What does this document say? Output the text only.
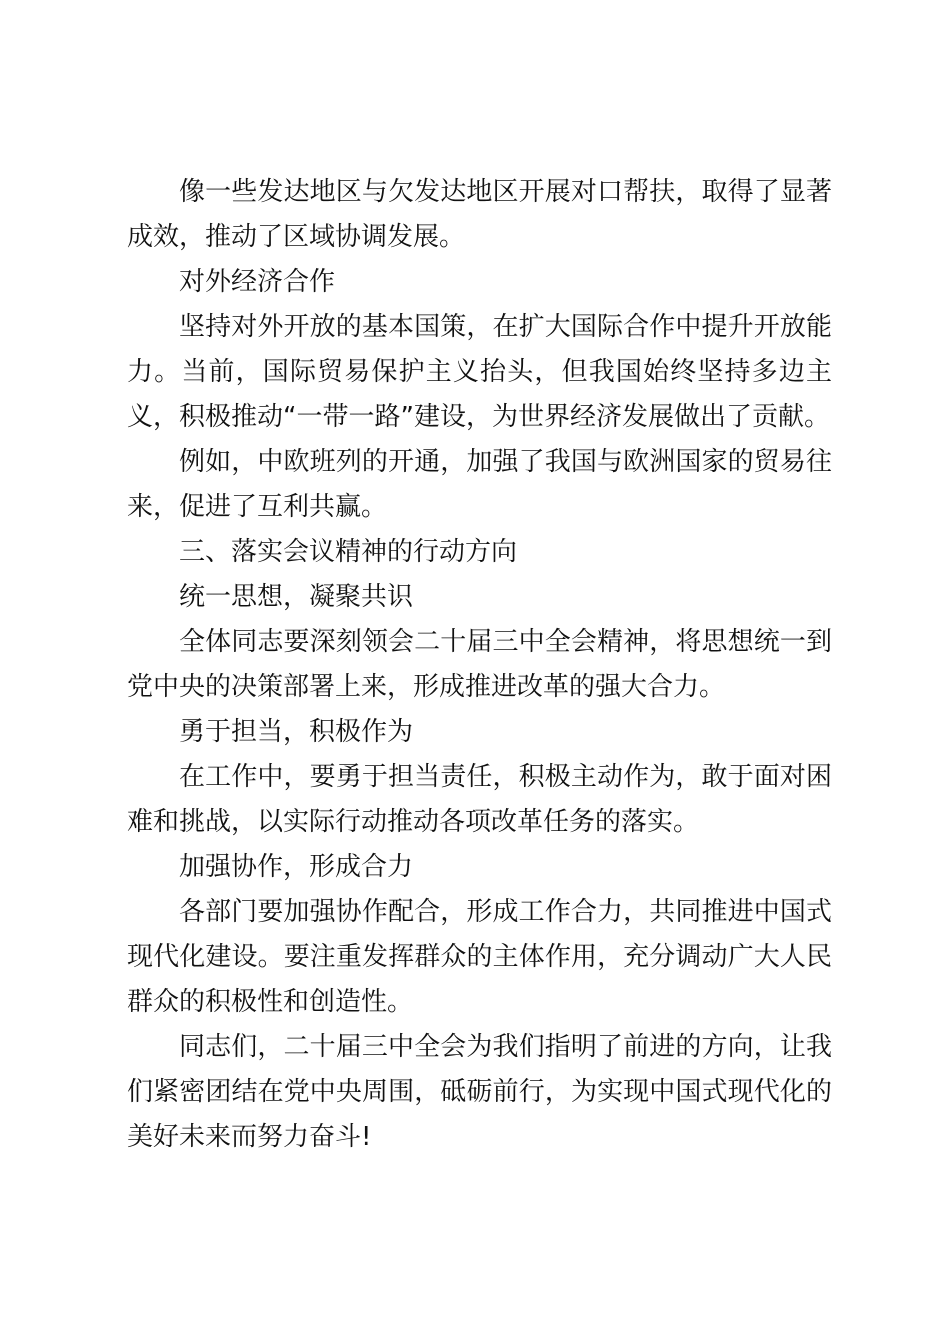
像一些发达地区与欠发达地区开展对口帮扶，取得了显著成效，推动了区域协调发展。

对外经济合作

坚持对外开放的基本国策，在扩大国际合作中提升开放能力。当前，国际贸易保护主义抬头，但我国始终坚持多边主义，积极推动“一带一路”建设，为世界经济发展做出了贡献。

例如，中欧班列的开通，加强了我国与欧洲国家的贸易往来，促进了互利共赢。

三、落实会议精神的行动方向

统一思想，凝聚共识

全体同志要深刻领会二十届三中全会精神，将思想统一到党中央的决策部署上来，形成推进改革的强大合力。

勇于担当，积极作为

在工作中，要勇于担当责任，积极主动作为，敢于面对困难和挑战，以实际行动推动各项改革任务的落实。

加强协作，形成合力

各部门要加强协作配合，形成工作合力，共同推进中国式现代化建设。要注重发挥群众的主体作用，充分调动广大人民群众的积极性和创造性。

同志们，二十届三中全会为我们指明了前进的方向，让我们紧密团结在党中央周围，砥砺前行，为实现中国式现代化的美好未来而努力奋斗!
